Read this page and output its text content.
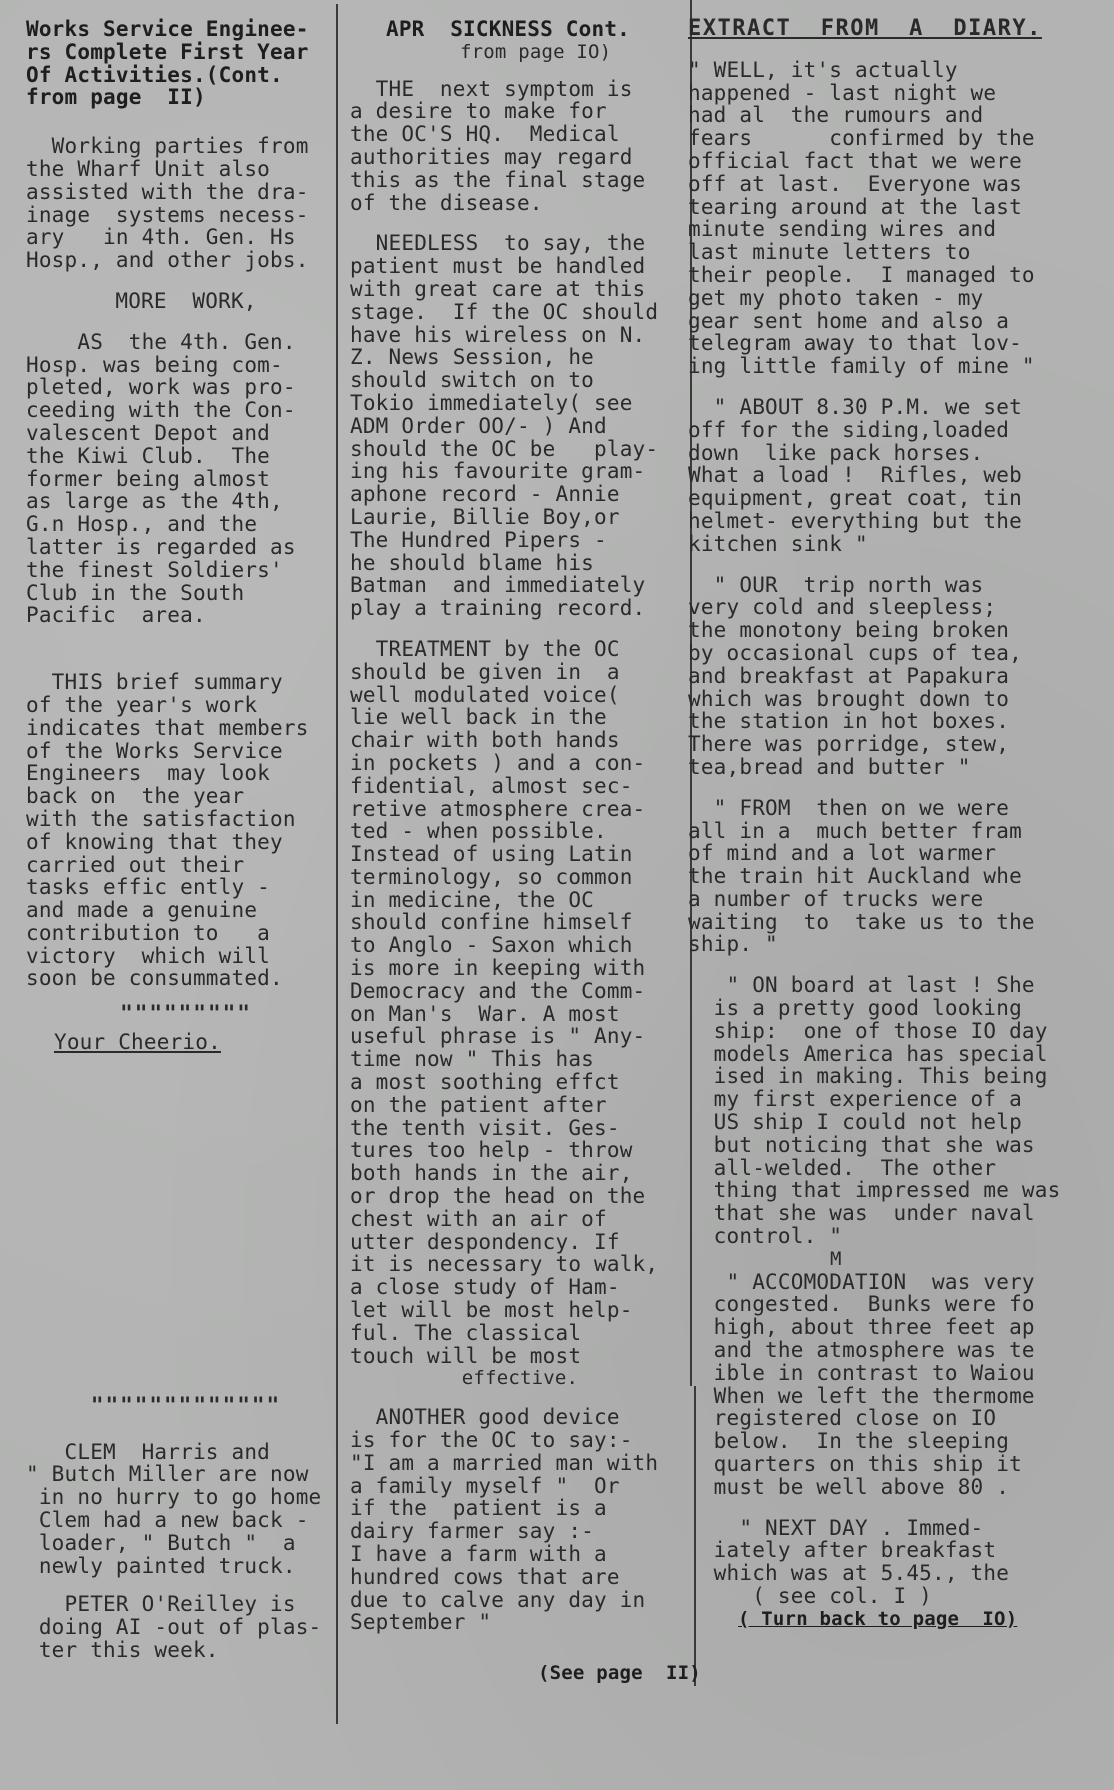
Works Service Enginee-
rs Complete First Year
Of Activities.(Cont.
from page  II)
Working parties from
the Wharf Unit also
assisted with the dra-
inage  systems necess-
ary   in 4th. Gen. Hs
Hosp., and other jobs.
MORE  WORK,
AS  the 4th. Gen.
Hosp. was being com-
pleted, work was pro-
ceeding with the Con-
valescent Depot and
the Kiwi Club.  The
former being almost
as large as the 4th,
G.n Hosp., and the
latter is regarded as
the finest Soldiers'
Club in the South
Pacific  area.
THIS brief summary
of the year's work
indicates that members
of the Works Service
Engineers  may look
back on  the year
with the satisfaction
of knowing that they
carried out their
tasks effic ently -
and made a genuine
contribution to   a
victory  which will
soon be consummated.
"""""""""
Your Cheerio.
"""""""""""""
CLEM  Harris and
" Butch Miller are now
in no hurry to go home
Clem had a new back -
loader, " Butch "  a
newly painted truck.
PETER O'Reilley is
doing AI -out of plas-
ter this week.
APR  SICKNESS Cont.
from page IO)
THE  next symptom is
a desire to make for
the OC'S HQ.  Medical
authorities may regard
this as the final stage
of the disease.
NEEDLESS  to say, the
patient must be handled
with great care at this
stage.  If the OC should
have his wireless on N.
Z. News Session, he
should switch on to
Tokio immediately( see
ADM Order OO/- ) And
should the OC be   play-
ing his favourite gram-
aphone record - Annie
Laurie, Billie Boy,or
The Hundred Pipers -
he should blame his
Batman  and immediately
play a training record.
TREATMENT by the OC
should be given in  a
well modulated voice(
lie well back in the
chair with both hands
in pockets ) and a con-
fidential, almost sec-
retive atmosphere crea-
ted - when possible.
Instead of using Latin
terminology, so common
in medicine, the OC
should confine himself
to Anglo - Saxon which
is more in keeping with
Democracy and the Comm-
on Man's  War. A most
useful phrase is " Any-
time now " This has
a most soothing effct
on the patient after
the tenth visit. Ges-
tures too help - throw
both hands in the air,
or drop the head on the
chest with an air of
utter despondency. If
it is necessary to walk,
a close study of Ham-
let will be most help-
ful. The classical
touch will be most
effective.
ANOTHER good device
is for the OC to say:-
"I am a married man with
a family myself "  Or
if the  patient is a
dairy farmer say :-
I have a farm with a
hundred cows that are
due to calve any day in
September "
(See page  II)
EXTRACT  FROM  A  DIARY.
" WELL, it's actually
happened - last night we
had al  the rumours and
fears      confirmed by the
official fact that we were
off at last.  Everyone was
tearing around at the last
minute sending wires and
last minute letters to
their people.  I managed to
get my photo taken - my
gear sent home and also a
telegram away to that lov-
ing little family of mine "
" ABOUT 8.30 P.M. we set
off for the siding,loaded
down  like pack horses.
What a load !  Rifles, web
equipment, great coat, tin
helmet- everything but the
kitchen sink "
" OUR  trip north was
very cold and sleepless;
the monotony being broken
by occasional cups of tea,
and breakfast at Papakura
which was brought down to
the station in hot boxes.
There was porridge, stew,
tea,bread and butter "
" FROM  then on we were
all in a  much better fram
of mind and a lot warmer
the train hit Auckland whe
a number of trucks were
waiting  to  take us to the
ship. "
" ON board at last ! She
is a pretty good looking
ship:  one of those IO day
models America has special
ised in making. This being
my first experience of a
US ship I could not help
but noticing that she was
all-welded.  The other
thing that impressed me was
that she was  under naval
control. "
M
" ACCOMODATION  was very
congested.  Bunks were fo
high, about three feet ap
and the atmosphere was te
ible in contrast to Waiou
When we left the thermome
registered close on IO
below.  In the sleeping
quarters on this ship it
must be well above 80 .
" NEXT DAY . Immed-
iately after breakfast
which was at 5.45., the
( see col. I )
( Turn back to page  IO)
